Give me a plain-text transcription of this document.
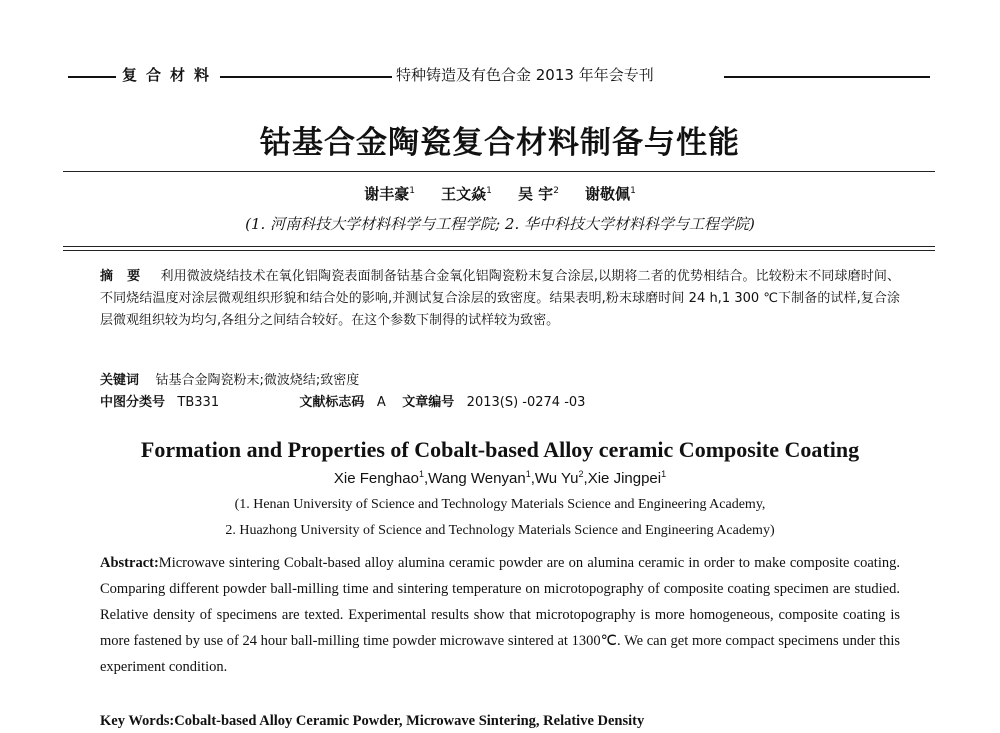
复合材料	特种铸造及有色合金 2013 年年会专刊
钴基合金陶瓷复合材料制备与性能
谢丰豪$^1$ 王文焱$^1$ 吴 宇$^2$ 谢敬佩$^1$
(1. 河南科技大学材料科学与工程学院; 2. 华中科技大学材料科学与工程学院)
摘要 利用微波烧结技术在氧化铝陶瓷表面制备钴基合金氧化铝陶瓷粉末复合涂层,以期将二者的优势相结合。比较粉末不同球磨时间、不同烧结温度对涂层微观组织形貌和结合处的影响,并测试复合涂层的致密度。结果表明,粉末球磨时间 24 h,1 300 ℃下制备的试样,复合涂层微观组织较为均匀,各组分之间结合较好。在这个参数下制得的试样较为致密。
关键词 钴基合金陶瓷粉末;微波烧结;致密度
中图分类号 TB331	文献标志码 A 文章编号 2013(S) -0274 -03
Formation and Properties of Cobalt-based Alloy ceramic Composite Coating
Xie Fenghao$^1$,Wang Wenyan$^1$,Wu Yu$^2$,Xie Jingpei$^1$
(1. Henan University of Science and Technology Materials Science and Engineering Academy,
2. Huazhong University of Science and Technology Materials Science and Engineering Academy)
Abstract:Microwave sintering Cobalt-based alloy alumina ceramic powder are on alumina ceramic in order to make composite coating. Comparing different powder ball-milling time and sintering temperature on microtopography of composite coating specimen are studied. Relative density of specimens are texted. Experimental results show that microtopography is more homogeneous, composite coating is more fastened by use of 24 hour ball-milling time powder microwave sintered at 1300℃. We can get more compact specimens under this experiment condition.
Key Words:Cobalt-based Alloy Ceramic Powder, Microwave Sintering, Relative Density
